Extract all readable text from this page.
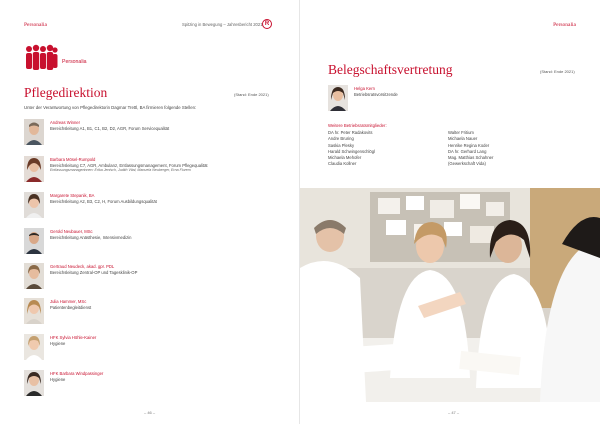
Personalia	Spitzing in Bewegung – Jahresbericht 2021 R
Personalia
Pflegedirektion	(Stand: Ende 2021)
Unter der Verantwortung von Pflegedirektorin Dagmar Trettl, BA firmieren folgende Stellen:
Andreas Winner
Bereichsleitung A1, B1, C1, B2, D2, AGR, Forum Servicequalität
Barbara Mösel-Rumpold
Bereichsleitung C7, AGR, Ambulanz, Entlassungsmanagement, Forum Pflegequalität
Entlassungsmanagerinnen: Erika Jenisch, Judith Vital, Manuela Neuberger, Erna Flurem
Margarete Stepanik, BA
Bereichsleitung A2, B3, C2, H, Forum Ausbildungsqualität
Gerold Neubauer, MSc
Bereichsleitung Anästhesie, Intensivmedizin
Gertraud Neudeck, akad. gpr. PDL
Bereichsleitung Zentral-OP und Tagesklinik-OP
Julia Hammer, MSc
Patientenbegleitdienst
HFK Sylvia Höhle-Kainer
Hygiene
HFK Barbara Windpassinger
Hygiene
– 46 –
Personalia
Belegschaftsvertretung	(Stand: Ende 2021)
Helga Kern
Betriebsratsvorsitzende
Weitere Betriebsratsmitglieder:
DA hr. Peter Radakovits
Andre Bruring
Saskia Plesky
Harald Schwingenschlögl
Michaela Mehofer
Claudia Kollner
Walter Fritium
Michaela Nauer
Henrike Regina Koder
DA hr. Gerhard Lang
Mag. Matthias Schahner
(Gewerkschaft Vida)
– 47 –
